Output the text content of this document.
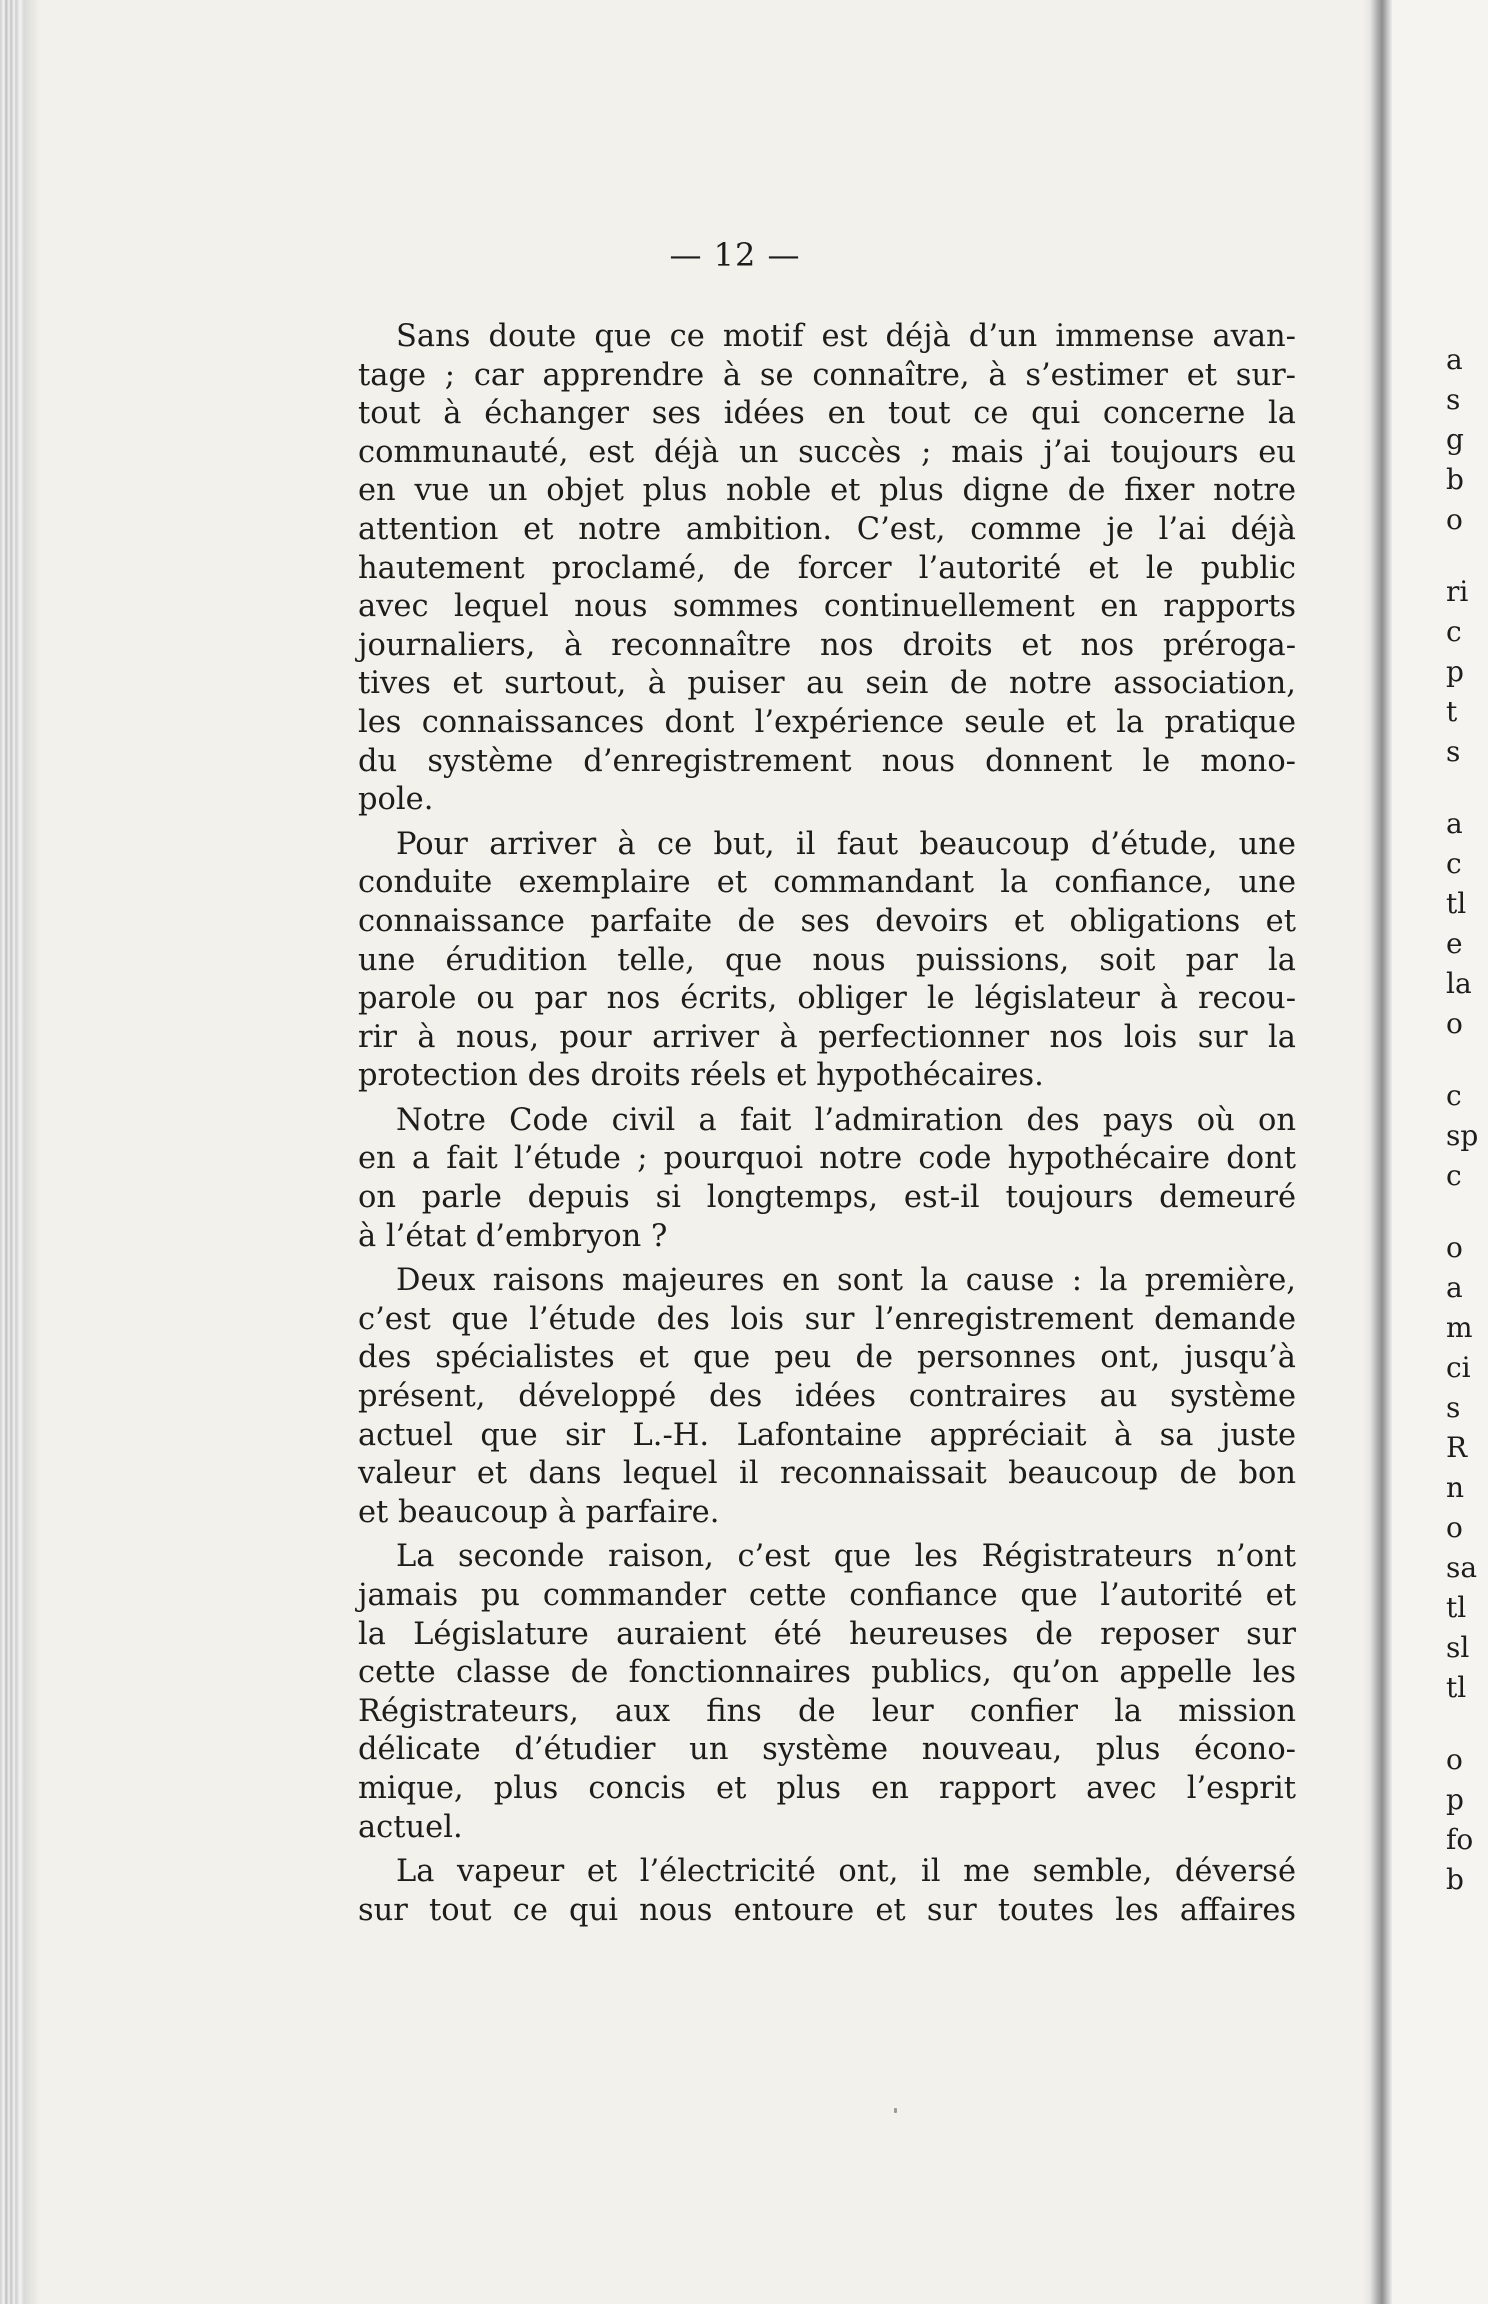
— 12 —

Sans doute que ce motif est déjà d’un immense avan-
tage ; car apprendre à se connaître, à s’estimer et sur-
tout à échanger ses idées en tout ce qui concerne la
communauté, est déjà un succès ; mais j’ai toujours eu
en vue un objet plus noble et plus digne de fixer notre
attention et notre ambition. C’est, comme je l’ai déjà
hautement proclamé, de forcer l’autorité et le public
avec lequel nous sommes continuellement en rapports
journaliers, à reconnaître nos droits et nos préroga-
tives et surtout, à puiser au sein de notre association,
les connaissances dont l’expérience seule et la pratique
du système d’enregistrement nous donnent le mono-
pole.

Pour arriver à ce but, il faut beaucoup d’étude, une
conduite exemplaire et commandant la confiance, une
connaissance parfaite de ses devoirs et obligations et
une érudition telle, que nous puissions, soit par la
parole ou par nos écrits, obliger le législateur à recou-
rir à nous, pour arriver à perfectionner nos lois sur la
protection des droits réels et hypothécaires.

Notre Code civil a fait l’admiration des pays où on
en a fait l’étude ; pourquoi notre code hypothécaire dont
on parle depuis si longtemps, est-il toujours demeuré
à l’état d’embryon ?

Deux raisons majeures en sont la cause : la première,
c’est que l’étude des lois sur l’enregistrement demande
des spécialistes et que peu de personnes ont, jusqu’à
présent, développé des idées contraires au système
actuel que sir L.-H. Lafontaine appréciait à sa juste
valeur et dans lequel il reconnaissait beaucoup de bon
et beaucoup à parfaire.

La seconde raison, c’est que les Régistrateurs n’ont
jamais pu commander cette confiance que l’autorité et
la Législature auraient été heureuses de reposer sur
cette classe de fonctionnaires publics, qu’on appelle les
Régistrateurs, aux fins de leur confier la mission
délicate d’étudier un système nouveau, plus écono-
mique, plus concis et plus en rapport avec l’esprit
actuel.

La vapeur et l’électricité ont, il me semble, déversé
sur tout ce qui nous entoure et sur toutes les affaires

a
s
g
b
o
ri
c
p
t
s
a
c
tl
e
la
o
c
sp
c
o
a
m
ci
s
R
n
o
sa
tl
sl
tl
o
p
fo
b
